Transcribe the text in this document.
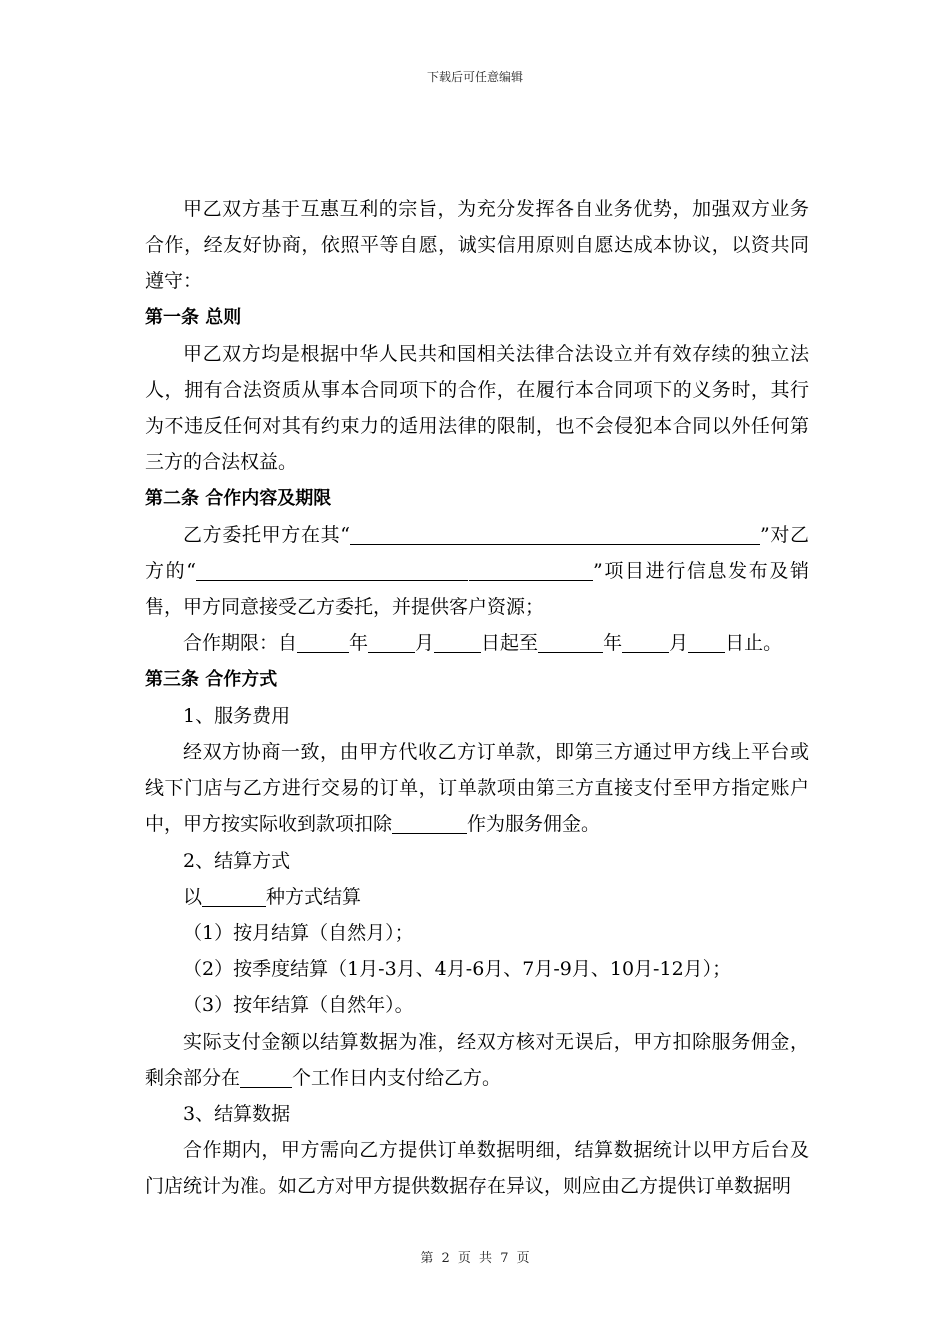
下载后可任意编辑

甲乙双方基于互惠互利的宗旨，为充分发挥各自业务优势，加强双方业务合作，经友好协商，依照平等自愿，诚实信用原则自愿达成本协议，以资共同遵守：

第一条 总则

甲乙双方均是根据中华人民共和国相关法律合法设立并有效存续的独立法人，拥有合法资质从事本合同项下的合作，在履行本合同项下的义务时，其行为不违反任何对其有约束力的适用法律的限制，也不会侵犯本合同以外任何第三方的合法权益。

第二条 合作内容及期限

乙方委托甲方在其“	”对乙方的“	”项目进行信息发布及销售，甲方同意接受乙方委托，并提供客户资源；

合作期限：自	年 月 日起至	年 月 日止。

第三条 合作方式

1、服务费用

经双方协商一致，由甲方代收乙方订单款，即第三方通过甲方线上平台或线下门店与乙方进行交易的订单，订单款项由第三方直接支付至甲方指定账户中，甲方按实际收到款项扣除	作为服务佣金。

2、结算方式

以	种方式结算

（1）按月结算（自然月）；

（2）按季度结算（1月-3月、4月-6月、7月-9月、10月-12月）；

（3）按年结算（自然年）。

实际支付金额以结算数据为准，经双方核对无误后，甲方扣除服务佣金，剩余部分在	个工作日内支付给乙方。

3、结算数据

合作期内，甲方需向乙方提供订单数据明细，结算数据统计以甲方后台及门店统计为准。如乙方对甲方提供数据存在异议，则应由乙方提供订单数据明

第 2 页 共 7 页
